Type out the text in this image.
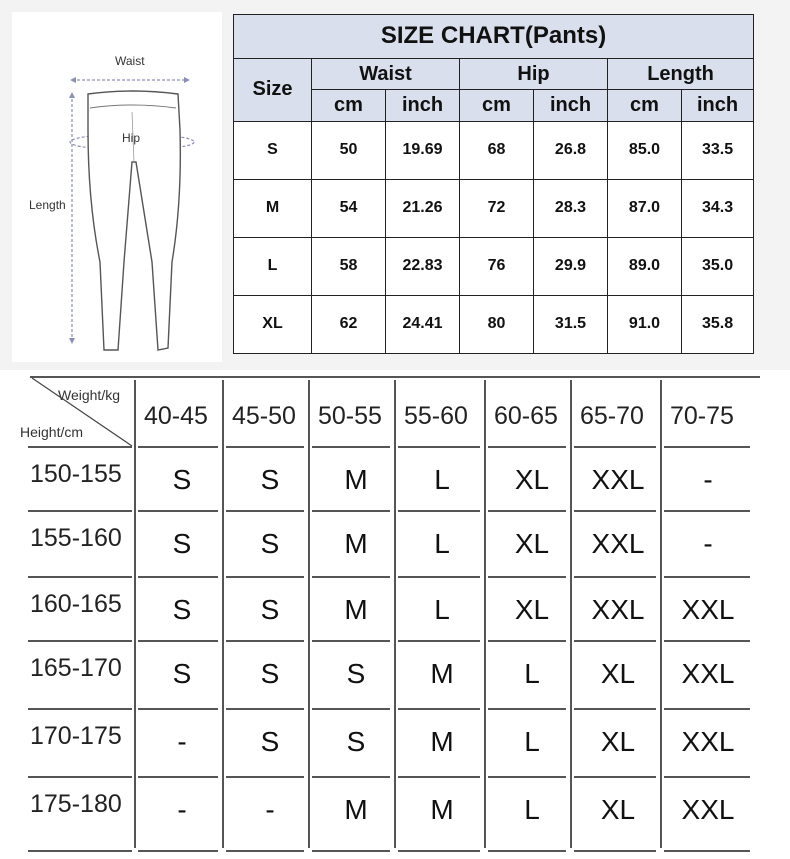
Waist
Hip
Length
SIZE CHART(Pants)						
Size	Waist		Hip		Length	
	cm	inch	cm	inch	cm	inch
S	50	19.69	68	26.8	85.0	33.5
M	54	21.26	72	28.3	87.0	34.3
L	58	22.83	76	29.9	89.0	35.0
XL	62	24.41	80	31.5	91.0	35.8
Weight/kg
Height/cm
40-45 45-50 50-55 55-60 60-65 65-70 70-75
150-155	S	S	M	L	XL	XXL	-
155-160	S	S	M	L	XL	XXL	-
160-165	S	S	M	L	XL	XXL	XXL
165-170	S	S	S	M	L	XL	XXL
170-175	-	S	S	M	L	XL	XXL
175-180	-	-	M	M	L	XL	XXL
